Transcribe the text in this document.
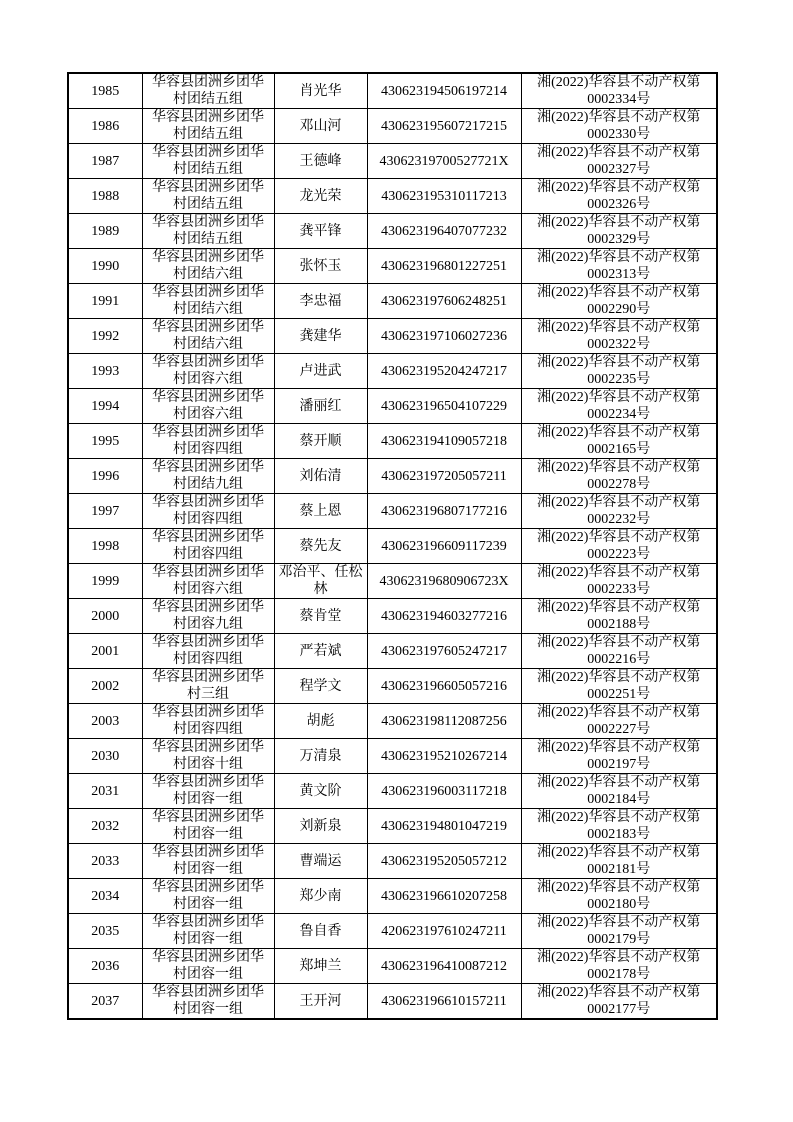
1985	华容县团洲乡团华村团结五组	肖光华	430623194506197214	湘(2022)华容县不动产权第
0002334号

1986	华容县团洲乡团华村团结五组	邓山河	430623195607217215	湘(2022)华容县不动产权第
0002330号

1987	华容县团洲乡团华村团结五组	王德峰	43062319700527721X	湘(2022)华容县不动产权第
0002327号

1988	华容县团洲乡团华村团结五组	龙光荣	430623195310117213	湘(2022)华容县不动产权第
0002326号

1989	华容县团洲乡团华村团结五组	龚平锋	430623196407077232	湘(2022)华容县不动产权第
0002329号

1990	华容县团洲乡团华村团结六组	张怀玉	430623196801227251	湘(2022)华容县不动产权第
0002313号

1991	华容县团洲乡团华村团结六组	李忠福	430623197606248251	湘(2022)华容县不动产权第
0002290号

1992	华容县团洲乡团华村团结六组	龚建华	430623197106027236	湘(2022)华容县不动产权第
0002322号

1993	华容县团洲乡团华村团容六组	卢进武	430623195204247217	湘(2022)华容县不动产权第
0002235号

1994	华容县团洲乡团华村团容六组	潘丽红	430623196504107229	湘(2022)华容县不动产权第
0002234号

1995	华容县团洲乡团华村团容四组	蔡开顺	430623194109057218	湘(2022)华容县不动产权第
0002165号

1996	华容县团洲乡团华村团结九组	刘佑清	430623197205057211	湘(2022)华容县不动产权第
0002278号

1997	华容县团洲乡团华村团容四组	蔡上恩	430623196807177216	湘(2022)华容县不动产权第
0002232号

1998	华容县团洲乡团华村团容四组	蔡先友	430623196609117239	湘(2022)华容县不动产权第
0002223号

1999	华容县团洲乡团华村团容六组	邓治平、任松林	43062319680906723X	湘(2022)华容县不动产权第
0002233号

2000	华容县团洲乡团华村团容九组	蔡肯堂	430623194603277216	湘(2022)华容县不动产权第
0002188号

2001	华容县团洲乡团华村团容四组	严若斌	430623197605247217	湘(2022)华容县不动产权第
0002216号

2002	华容县团洲乡团华村三组	程学文	430623196605057216	湘(2022)华容县不动产权第
0002251号

2003	华容县团洲乡团华村团容四组	胡彪	430623198112087256	湘(2022)华容县不动产权第
0002227号

2030	华容县团洲乡团华村团容十组	万清泉	430623195210267214	湘(2022)华容县不动产权第
0002197号

2031	华容县团洲乡团华村团容一组	黄文阶	430623196003117218	湘(2022)华容县不动产权第
0002184号

2032	华容县团洲乡团华村团容一组	刘新泉	430623194801047219	湘(2022)华容县不动产权第
0002183号

2033	华容县团洲乡团华村团容一组	曹端运	430623195205057212	湘(2022)华容县不动产权第
0002181号

2034	华容县团洲乡团华村团容一组	郑少南	430623196610207258	湘(2022)华容县不动产权第
0002180号

2035	华容县团洲乡团华村团容一组	鲁自香	420623197610247211	湘(2022)华容县不动产权第
0002179号

2036	华容县团洲乡团华村团容一组	郑坤兰	430623196410087212	湘(2022)华容县不动产权第
0002178号

2037	华容县团洲乡团华村团容一组	王开河	430623196610157211	湘(2022)华容县不动产权第
0002177号
